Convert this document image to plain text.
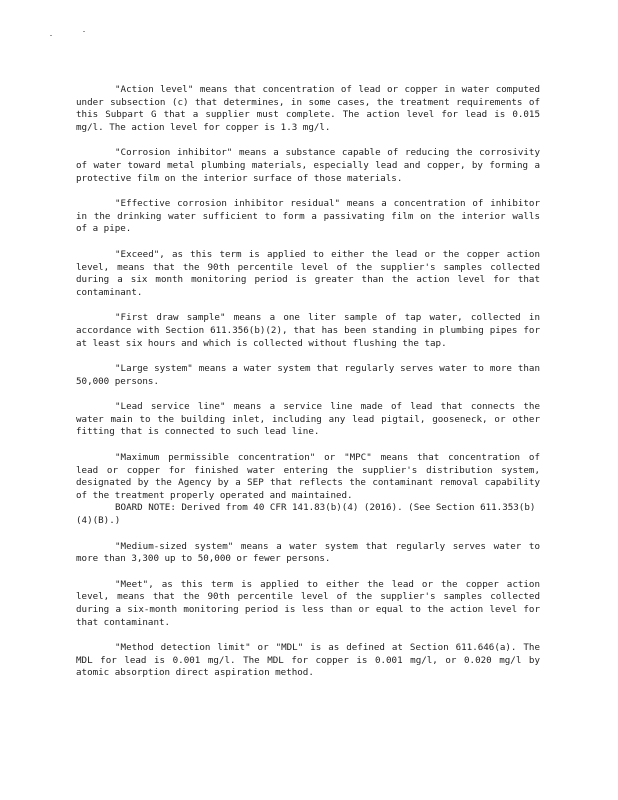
"Action level" means that concentration of lead or copper in water computed under subsection (c) that determines, in some cases, the treatment requirements of this Subpart G that a supplier must complete. The action level for lead is 0.015 mg/l. The action level for copper is 1.3 mg/l.

"Corrosion inhibitor" means a substance capable of reducing the corrosivity of water toward metal plumbing materials, especially lead and copper, by forming a protective film on the interior surface of those materials.

"Effective corrosion inhibitor residual" means a concentration of inhibitor in the drinking water sufficient to form a passivating film on the interior walls of a pipe.

"Exceed", as this term is applied to either the lead or the copper action level, means that the 90th percentile level of the supplier's samples collected during a six month monitoring period is greater than the action level for that contaminant.

"First draw sample" means a one liter sample of tap water, collected in accordance with Section 611.356(b)(2), that has been standing in plumbing pipes for at least six hours and which is collected without flushing the tap.

"Large system" means a water system that regularly serves water to more than 50,000 persons.

"Lead service line" means a service line made of lead that connects the water main to the building inlet, including any lead pigtail, gooseneck, or other fitting that is connected to such lead line.

"Maximum permissible concentration" or "MPC" means that concentration of lead or copper for finished water entering the supplier's distribution system, designated by the Agency by a SEP that reflects the contaminant removal capability of the treatment properly operated and maintained.

BOARD NOTE: Derived from 40 CFR 141.83(b)(4) (2016). (See Section 611.353(b)(4)(B).)

"Medium-sized system" means a water system that regularly serves water to more than 3,300 up to 50,000 or fewer persons.

"Meet", as this term is applied to either the lead or the copper action level, means that the 90th percentile level of the supplier's samples collected during a six-month monitoring period is less than or equal to the action level for that contaminant.

"Method detection limit" or "MDL" is as defined at Section 611.646(a). The MDL for lead is 0.001 mg/l. The MDL for copper is 0.001 mg/l, or 0.020 mg/l by atomic absorption direct aspiration method.
